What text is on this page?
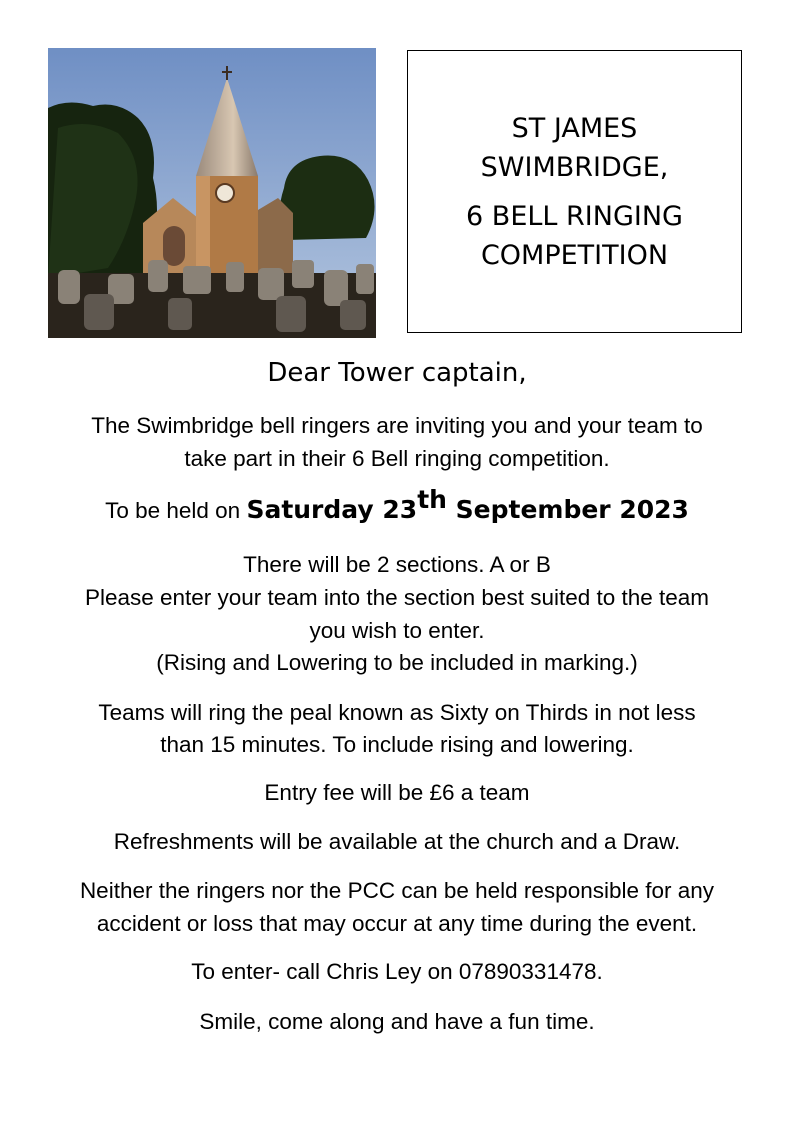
ST JAMES
SWIMBRIDGE,
6 BELL RINGING
COMPETITION
Dear Tower captain,
The Swimbridge bell ringers are inviting you and your team to
take part in their 6 Bell ringing competition.
To be held on Saturday 23th September 2023
There will be 2 sections. A or B
Please enter your team into the section best suited to the team
you wish to enter.
(Rising and Lowering to be included in marking.)
Teams will ring the peal known as Sixty on Thirds in not less
than 15 minutes. To include rising and lowering.
Entry fee will be £6 a team
Refreshments will be available at the church and a Draw.
Neither the ringers nor the PCC can be held responsible for any
accident or loss that may occur at any time during the event.
To enter- call Chris Ley on 07890331478.
Smile, come along and have a fun time.
